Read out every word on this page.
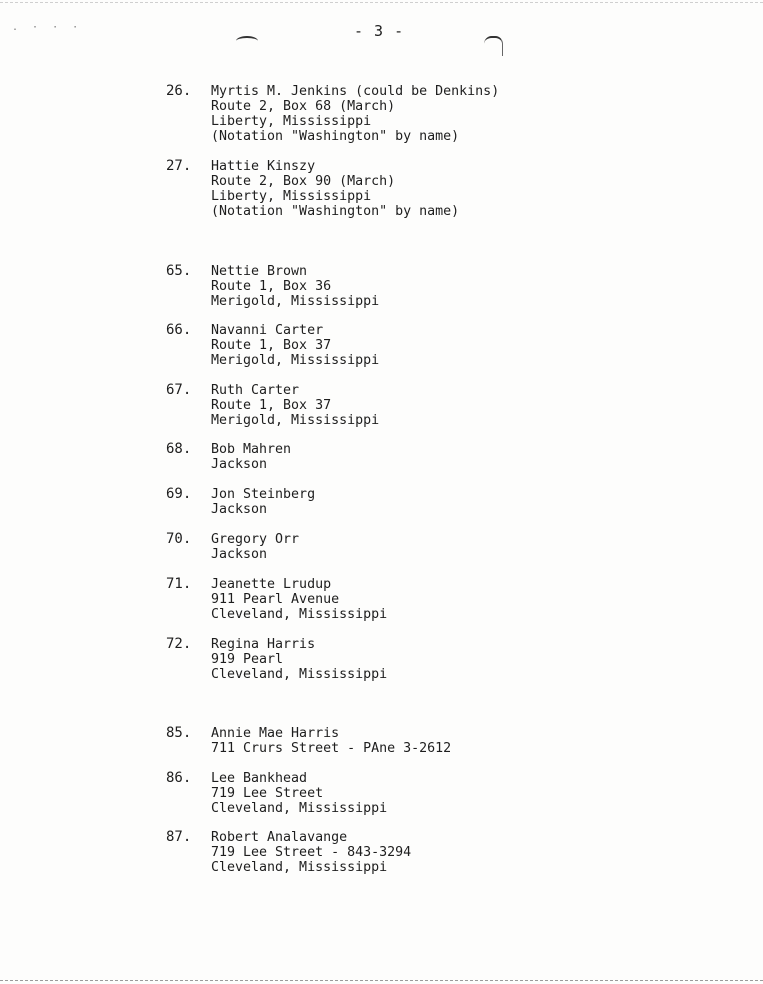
. · · ·	- 3 -
26. Myrtis M. Jenkins (could be Denkins)
Route 2, Box 68 (March)
Liberty, Mississippi
(Notation "Washington" by name)
27. Hattie Kinszy
Route 2, Box 90 (March)
Liberty, Mississippi
(Notation "Washington" by name)
65. Nettie Brown
Route 1, Box 36
Merigold, Mississippi
66. Navanni Carter
Route 1, Box 37
Merigold, Mississippi
67. Ruth Carter
Route 1, Box 37
Merigold, Mississippi
68. Bob Mahren
Jackson
69. Jon Steinberg
Jackson
70. Gregory Orr
Jackson
71. Jeanette Lrudup
911 Pearl Avenue
Cleveland, Mississippi
72. Regina Harris
919 Pearl
Cleveland, Mississippi
85. Annie Mae Harris
711 Crurs Street - PAne 3-2612
86. Lee Bankhead
719 Lee Street
Cleveland, Mississippi
87. Robert Analavange
719 Lee Street - 843-3294
Cleveland, Mississippi
